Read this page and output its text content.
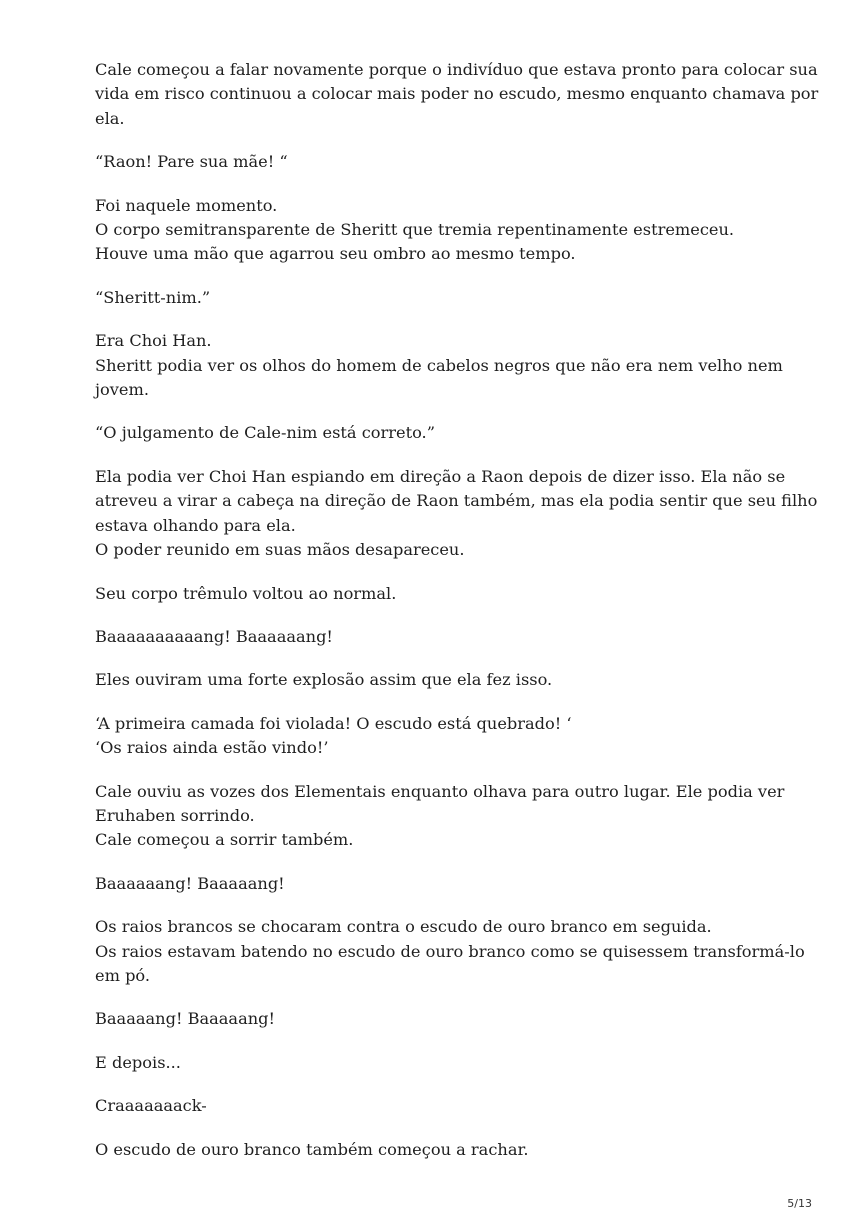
Cale começou a falar novamente porque o indivíduo que estava pronto para colocar sua
vida em risco continuou a colocar mais poder no escudo, mesmo enquanto chamava por
ela.

“Raon! Pare sua mãe! “

Foi naquele momento.
O corpo semitransparente de Sheritt que tremia repentinamente estremeceu.
Houve uma mão que agarrou seu ombro ao mesmo tempo.

“Sheritt-nim.”

Era Choi Han.
Sheritt podia ver os olhos do homem de cabelos negros que não era nem velho nem
jovem.

“O julgamento de Cale-nim está correto.”

Ela podia ver Choi Han espiando em direção a Raon depois de dizer isso. Ela não se
atreveu a virar a cabeça na direção de Raon também, mas ela podia sentir que seu filho
estava olhando para ela.
O poder reunido em suas mãos desapareceu.

Seu corpo trêmulo voltou ao normal.

Baaaaaaaaaang! Baaaaaang!

Eles ouviram uma forte explosão assim que ela fez isso.

‘A primeira camada foi violada! O escudo está quebrado! ‘
‘Os raios ainda estão vindo!’

Cale ouviu as vozes dos Elementais enquanto olhava para outro lugar. Ele podia ver
Eruhaben sorrindo.
Cale começou a sorrir também.

Baaaaaang! Baaaaang!

Os raios brancos se chocaram contra o escudo de ouro branco em seguida.
Os raios estavam batendo no escudo de ouro branco como se quisessem transformá-lo
em pó.

Baaaaang! Baaaaang!

E depois...

Craaaaaaack-

O escudo de ouro branco também começou a rachar.

5/13
